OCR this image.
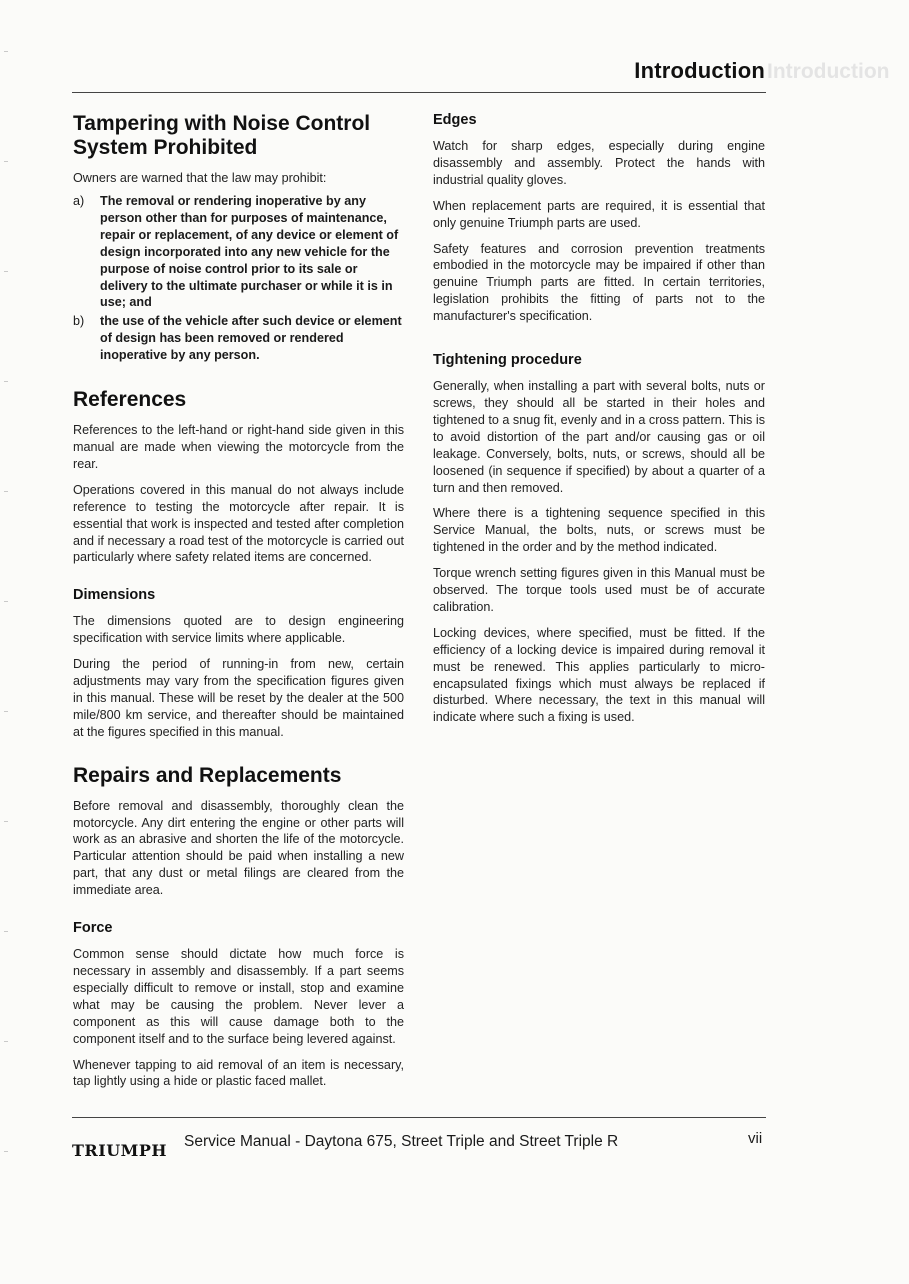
Introduction
Introduction
Tampering with Noise Control
System Prohibited

Owners are warned that the law may prohibit:

a)	The removal or rendering inoperative by any person other than for purposes of maintenance, repair or replacement, of any device or element of design incorporated into any new vehicle for the purpose of noise control prior to its sale or delivery to the ultimate purchaser or while it is in use; and
b)	the use of the vehicle after such device or element of design has been removed or rendered inoperative by any person.
References

References to the left-hand or right-hand side given in this manual are made when viewing the motorcycle from the rear.

Operations covered in this manual do not always include reference to testing the motorcycle after repair. It is essential that work is inspected and tested after completion and if necessary a road test of the motorcycle is carried out particularly where safety related items are concerned.

Dimensions

The dimensions quoted are to design engineering specification with service limits where applicable.

During the period of running-in from new, certain adjustments may vary from the specification figures given in this manual. These will be reset by the dealer at the 500 mile/800 km service, and thereafter should be maintained at the figures specified in this manual.

Repairs and Replacements

Before removal and disassembly, thoroughly clean the motorcycle. Any dirt entering the engine or other parts will work as an abrasive and shorten the life of the motorcycle. Particular attention should be paid when installing a new part, that any dust or metal filings are cleared from the immediate area.

Force

Common sense should dictate how much force is necessary in assembly and disassembly. If a part seems especially difficult to remove or install, stop and examine what may be causing the problem. Never lever a component as this will cause damage both to the component itself and to the surface being levered against.

Whenever tapping to aid removal of an item is necessary, tap lightly using a hide or plastic faced mallet.

Edges

Watch for sharp edges, especially during engine disassembly and assembly. Protect the hands with industrial quality gloves.

When replacement parts are required, it is essential that only genuine Triumph parts are used.

Safety features and corrosion prevention treatments embodied in the motorcycle may be impaired if other than genuine Triumph parts are fitted. In certain territories, legislation prohibits the fitting of parts not to the manufacturer's specification.

Tightening procedure

Generally, when installing a part with several bolts, nuts or screws, they should all be started in their holes and tightened to a snug fit, evenly and in a cross pattern. This is to avoid distortion of the part and/or causing gas or oil leakage. Conversely, bolts, nuts, or screws, should all be loosened (in sequence if specified) by about a quarter of a turn and then removed.

Where there is a tightening sequence specified in this Service Manual, the bolts, nuts, or screws must be tightened in the order and by the method indicated.

Torque wrench setting figures given in this Manual must be observed. The torque tools used must be of accurate calibration.

Locking devices, where specified, must be fitted. If the efficiency of a locking device is impaired during removal it must be renewed. This applies particularly to micro-encapsulated fixings which must always be replaced if disturbed. Where necessary, the text in this manual will indicate where such a fixing is used.

TRIUMPH Service Manual - Daytona 675, Street Triple and Street Triple R	vii
